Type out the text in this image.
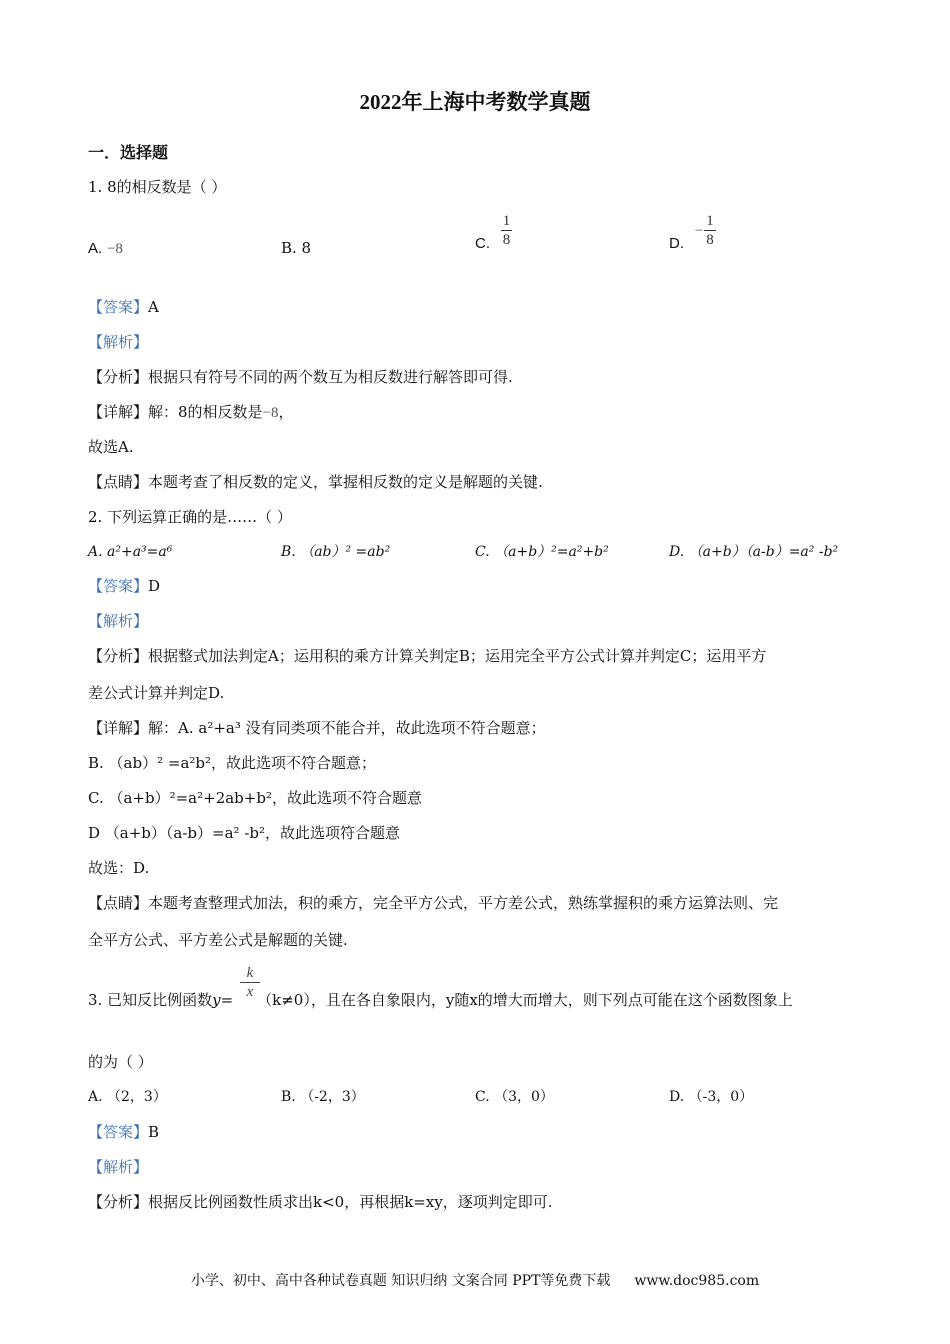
2022年上海中考数学真题
一．选择题
1. 8的相反数是（ ）
A. −8	B. 8	C. $\frac{1}{8}$	D. − $\frac{1}{8}$
【答案】A
【解析】
【分析】根据只有符号不同的两个数互为相反数进行解答即可得.
【详解】解：8的相反数是−8，
故选A.
【点睛】本题考查了相反数的定义，掌握相反数的定义是解题的关键.
2. 下列运算正确的是……（ ）
A. a²+a³=a⁶	B. （ab）² =ab²	C. （a+b）²=a²+b²	D. （a+b）（a-b）=a² -b²
【答案】D
【解析】
【分析】根据整式加法判定A；运用积的乘方计算关判定B；运用完全平方公式计算并判定C；运用平方
差公式计算并判定D.
【详解】解：A. a²+a³ 没有同类项不能合并，故此选项不符合题意；
B. （ab）² =a²b²，故此选项不符合题意；
C. （a+b）²=a²+2ab+b²，故此选项不符合题意
D （a+b）（a-b）=a² -b²，故此选项符合题意
故选：D.
【点睛】本题考查整理式加法，积的乘方，完全平方公式，平方差公式，熟练掌握积的乘方运算法则、完
全平方公式、平方差公式是解题的关键.
$\frac{k}{x}$
3. 已知反比例函数y= （k≠0），且在各自象限内，y随x的增大而增大，则下列点可能在这个函数图象上
的为（ ）
A. （2，3）	B. （-2，3）	C. （3，0）	D. （-3，0）
【答案】B
【解析】
【分析】根据反比例函数性质求出k<0，再根据k=xy，逐项判定即可.
小学、初中、高中各种试卷真题 知识归纳 文案合同 PPT等免费下载 www.doc985.com
